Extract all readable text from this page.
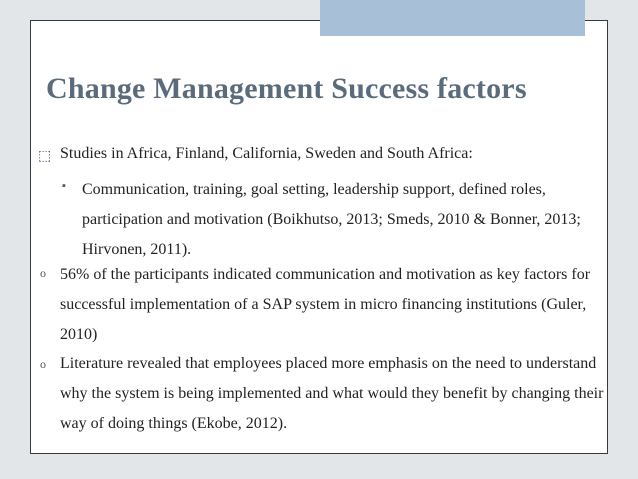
Change Management Success factors
⬚ Studies in Africa, Finland, California, Sweden and South Africa:
▪ Communication, training, goal setting, leadership support, defined roles, participation and motivation (Boikhutso, 2013; Smeds, 2010 & Bonner, 2013; Hirvonen, 2011).
o 56% of the participants indicated communication and motivation as key factors for successful implementation of a SAP system in micro financing institutions (Guler, 2010)
o Literature revealed that employees placed more emphasis on the need to understand why the system is being implemented and what would they benefit by changing their way of doing things (Ekobe, 2012).
